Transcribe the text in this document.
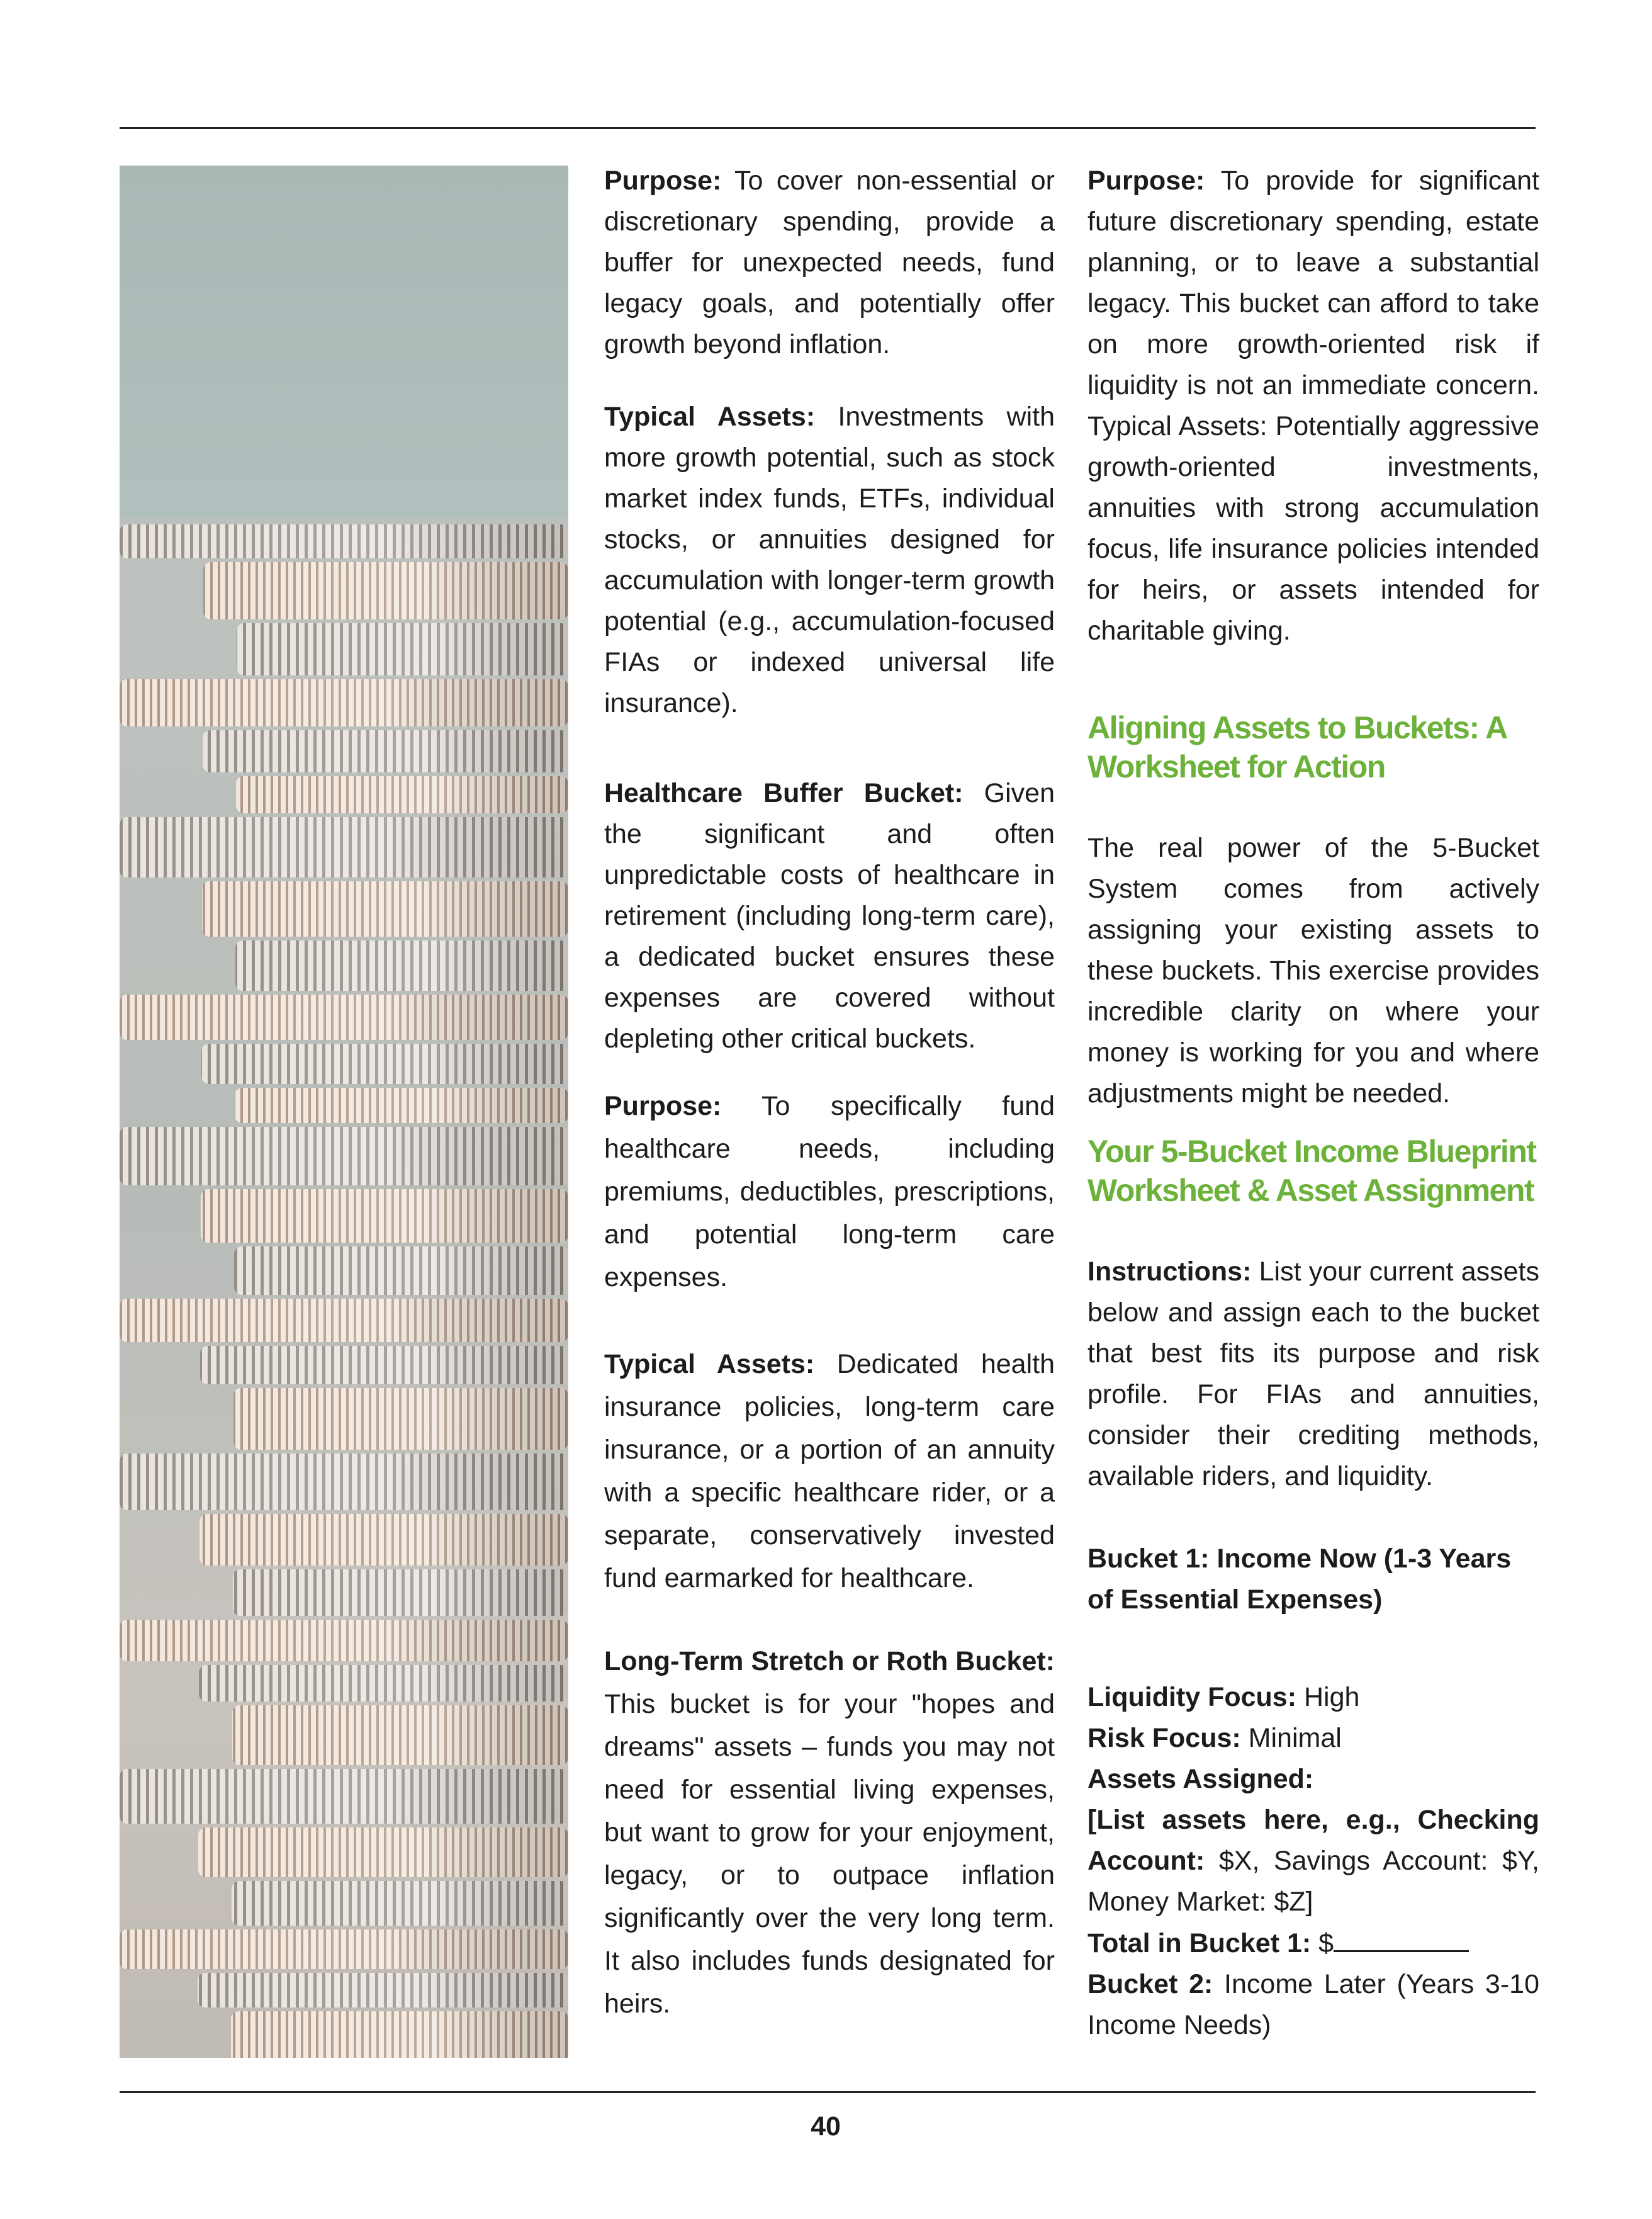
Purpose: To cover non-essential or discretionary spending, provide a buffer for unexpected needs, fund legacy goals, and potentially offer growth beyond inflation.

Typical Assets: Investments with more growth potential, such as stock market index funds, ETFs, individual stocks, or annuities designed for accumulation with longer-term growth potential (e.g., accumulation-focused FIAs or indexed universal life insurance).

Healthcare Buffer Bucket: Given the significant and often unpredictable costs of healthcare in retirement (including long-term care), a dedicated bucket ensures these expenses are covered without depleting other critical buckets.

Purpose: To specifically fund healthcare needs, including premiums, deductibles, prescriptions, and potential long-term care expenses.

Typical Assets: Dedicated health insurance policies, long-term care insurance, or a portion of an annuity with a specific healthcare rider, or a separate, conservatively invested fund earmarked for healthcare.

Long-Term Stretch or Roth Bucket: This bucket is for your "hopes and dreams" assets – funds you may not need for essential living expenses, but want to grow for your enjoyment, legacy, or to outpace inflation significantly over the very long term. It also includes funds designated for heirs.

Purpose: To provide for significant future discretionary spending, estate planning, or to leave a substantial legacy. This bucket can afford to take on more growth-oriented risk if liquidity is not an immediate concern. Typical Assets: Potentially aggressive growth-oriented investments, annuities with strong accumulation focus, life insurance policies intended for heirs, or assets intended for charitable giving.

Aligning Assets to Buckets: A Worksheet for Action

The real power of the 5-Bucket System comes from actively assigning your existing assets to these buckets. This exercise provides incredible clarity on where your money is working for you and where adjustments might be needed.

Your 5-Bucket Income Blueprint Worksheet & Asset Assignment

Instructions: List your current assets below and assign each to the bucket that best fits its purpose and risk profile. For FIAs and annuities, consider their crediting methods, available riders, and liquidity.

Bucket 1: Income Now (1-3 Years of Essential Expenses)

Liquidity Focus: High

Risk Focus: Minimal

Assets Assigned:

[List assets here, e.g., Checking Account: $X, Savings Account: $Y, Money Market: $Z]

Total in Bucket 1: $

Bucket 2: Income Later (Years 3-10 Income Needs)

40
